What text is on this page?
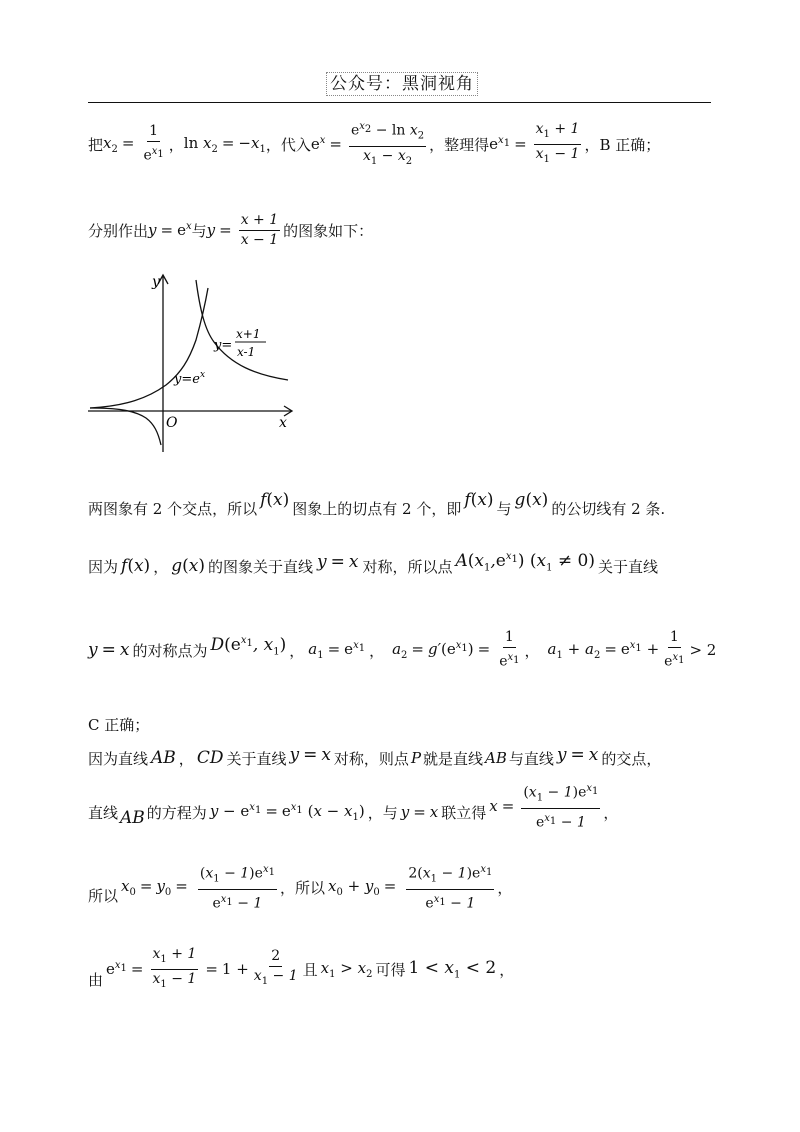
公众号：黑洞视角
把 $x_2 = \frac{1}{e^{x_1}}$ ， $\ln x_2 = -x_1$ ，代入 $e^x = \frac{e^{x_2} - \ln x_2}{x_1 - x_2}$ ，整理得 $e^{x_1} = \frac{x_1 + 1}{x_1 - 1}$ ，B 正确；
分别作出 $y = e^x$ 与 $y = \frac{x + 1}{x - 1}$ 的图象如下：
y
x
O
$y=e^x$
y=
x+1
x-1
两图象有 2 个交点，所以 f(x) 图象上的切点有 2 个，即 f(x) 与 g(x) 的公切线有 2 条.
因为 f(x) ， g(x) 的图象关于直线 y = x 对称，所以点 $A(x_1,e^{x_1}) (x_1 \ne 0)$ 关于直线
y = x 的对称点为 $D(e^{x_1}$, $x_1$) ， $a_1 = e^{x_1}$ ， $a_2 = g'(e^{x_1}) = \frac{1}{e^{x_1}}$ ， $a_1 + a_2 = e^{x_1} + \frac{1}{e^{x_1}} > 2$
C 正确；
因为直线 AB ， CD 关于直线 y = x 对称，则点 P 就是直线 AB 与直线 y = x 的交点，
直线 AB 的方程为 $y - e^{x_1} = e^{x_1}$ $(x - x_1)$ ， 与 y = x 联立得 $x = \frac{(x_1 - 1)e^{x_1}}{e^{x_1} - 1}$ ，
所以
$x_0 = y_0 = \frac{(x_1 - 1)e^{x_1}}{e^{x_1} - 1}$ ，所以 $x_0 + y_0 = \frac{2(x_1 - 1)e^{x_1}}{e^{x_1} - 1}$ ，
由
$e^{x_1} = \frac{x_1 + 1}{x_1 - 1} = 1 + \frac{2}{x_1 - 1}$ 且 $x_1 > x_2$ 可得 $1 < x_1 < 2$ ，
